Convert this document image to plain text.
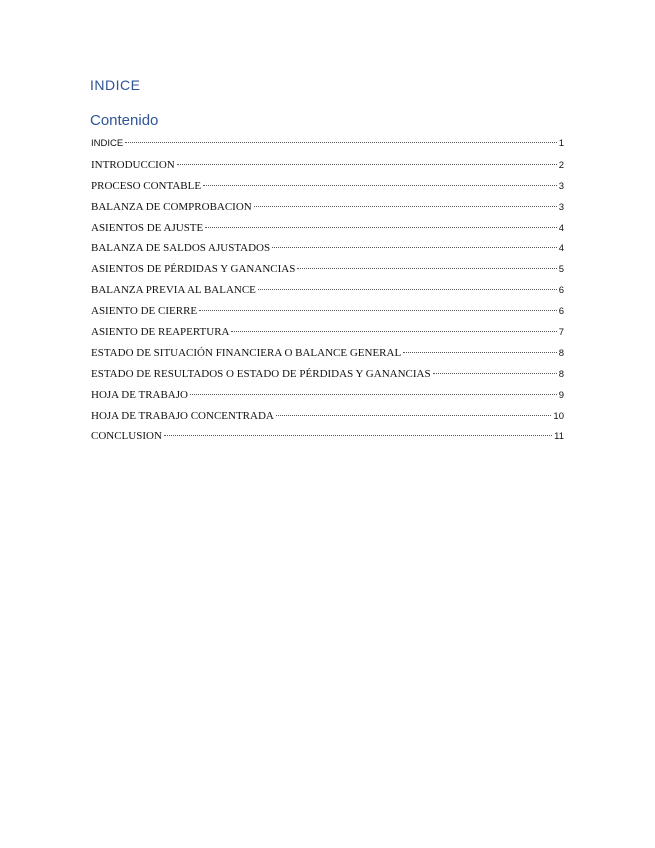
INDICE
Contenido
INDICE	1
INTRODUCCION	2
PROCESO CONTABLE	3
BALANZA DE COMPROBACION	3
ASIENTOS DE AJUSTE	4
BALANZA DE SALDOS AJUSTADOS	4
ASIENTOS DE PÉRDIDAS Y GANANCIAS	5
BALANZA PREVIA AL BALANCE	6
ASIENTO DE CIERRE	6
ASIENTO DE REAPERTURA	7
ESTADO DE SITUACIÓN FINANCIERA O BALANCE GENERAL	8
ESTADO DE RESULTADOS O ESTADO DE PÉRDIDAS Y GANANCIAS	8
HOJA DE TRABAJO	9
HOJA DE TRABAJO CONCENTRADA	10
CONCLUSION	11
